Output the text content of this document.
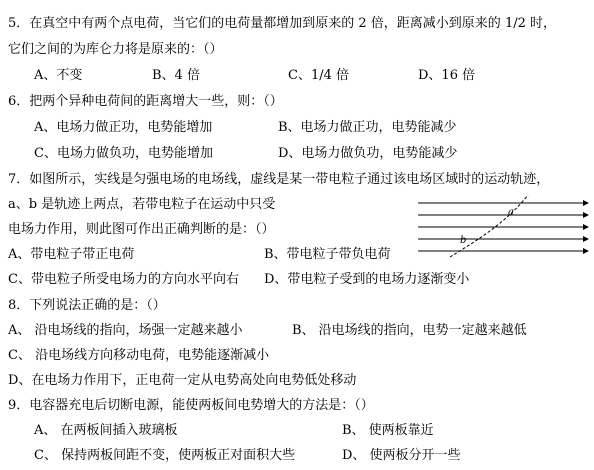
5．在真空中有两个点电荷，当它们的电荷量都增加到原来的 2 倍，距离减小到原来的 1/2 时，
它们之间的为库仑力将是原来的：（）
A、不变	B、4 倍	C、1/4 倍	D、16 倍
6．把两个异种电荷间的距离增大一些，则：（）
A、电场力做正功，电势能增加	B、电场力做正功，电势能减少
C、电场力做负功，电势能增加	D、电场力做负功，电势能减少
7．如图所示，实线是匀强电场的电场线，虚线是某一带电粒子通过该电场区域时的运动轨迹，
a、b 是轨迹上两点，若带电粒子在运动中只受
电场力作用，则此图可作出正确判断的是：（）
A、带电粒子带正电荷	B、带电粒子带负电荷
C、带电粒子所受电场力的方向水平向右 D、带电粒子受到的电场力逐渐变小
a
b
8．下列说法正确的是：（）
A、 沿电场线的指向，场强一定越来越小	B、 沿电场线的指向，电势一定越来越低
C、 沿电场线方向移动电荷，电势能逐渐减小
D、在电场力作用下，正电荷一定从电势高处向电势低处移动
9．电容器充电后切断电源，能使两板间电势增大的方法是：（）
A、 在两板间插入玻璃板	B、 使两板靠近
C、 保持两板间距不变，使两板正对面积大些	D、 使两板分开一些
